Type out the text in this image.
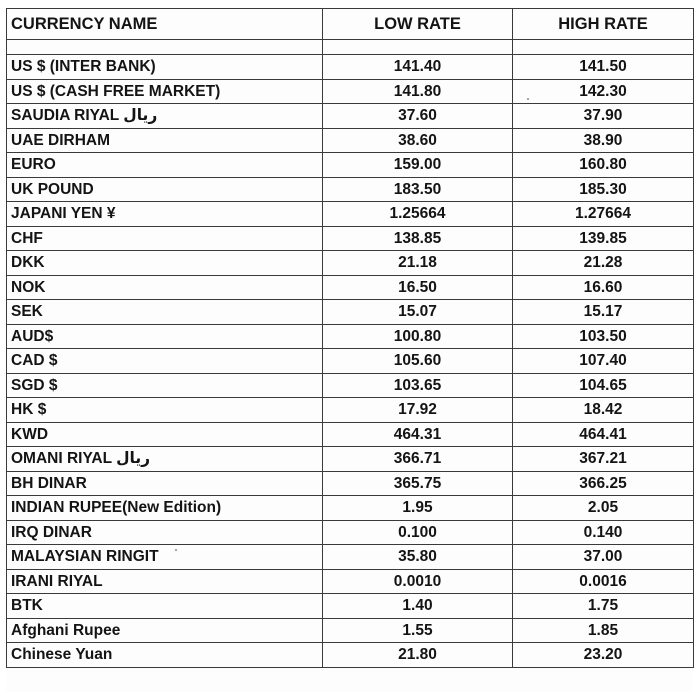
CURRENCY NAME	LOW RATE	HIGH RATE

US $ (INTER BANK)	141.40	141.50
US $ (CASH FREE MARKET)	141.80	142.30
SAUDIA RIYAL ریال	37.60	37.90
UAE DIRHAM	38.60	38.90
EURO	159.00	160.80
UK POUND	183.50	185.30
JAPANI YEN ¥	1.25664	1.27664
CHF	138.85	139.85
DKK	21.18	21.28
NOK	16.50	16.60
SEK	15.07	15.17
AUD$	100.80	103.50
CAD $	105.60	107.40
SGD $	103.65	104.65
HK $	17.92	18.42
KWD	464.31	464.41
OMANI RIYAL ریال	366.71	367.21
BH DINAR	365.75	366.25
INDIAN RUPEE(New Edition)	1.95	2.05
IRQ DINAR	0.100	0.140
MALAYSIAN RINGIT	35.80	37.00
IRANI RIYAL	0.0010	0.0016
BTK	1.40	1.75
Afghani Rupee	1.55	1.85
Chinese Yuan	21.80	23.20
